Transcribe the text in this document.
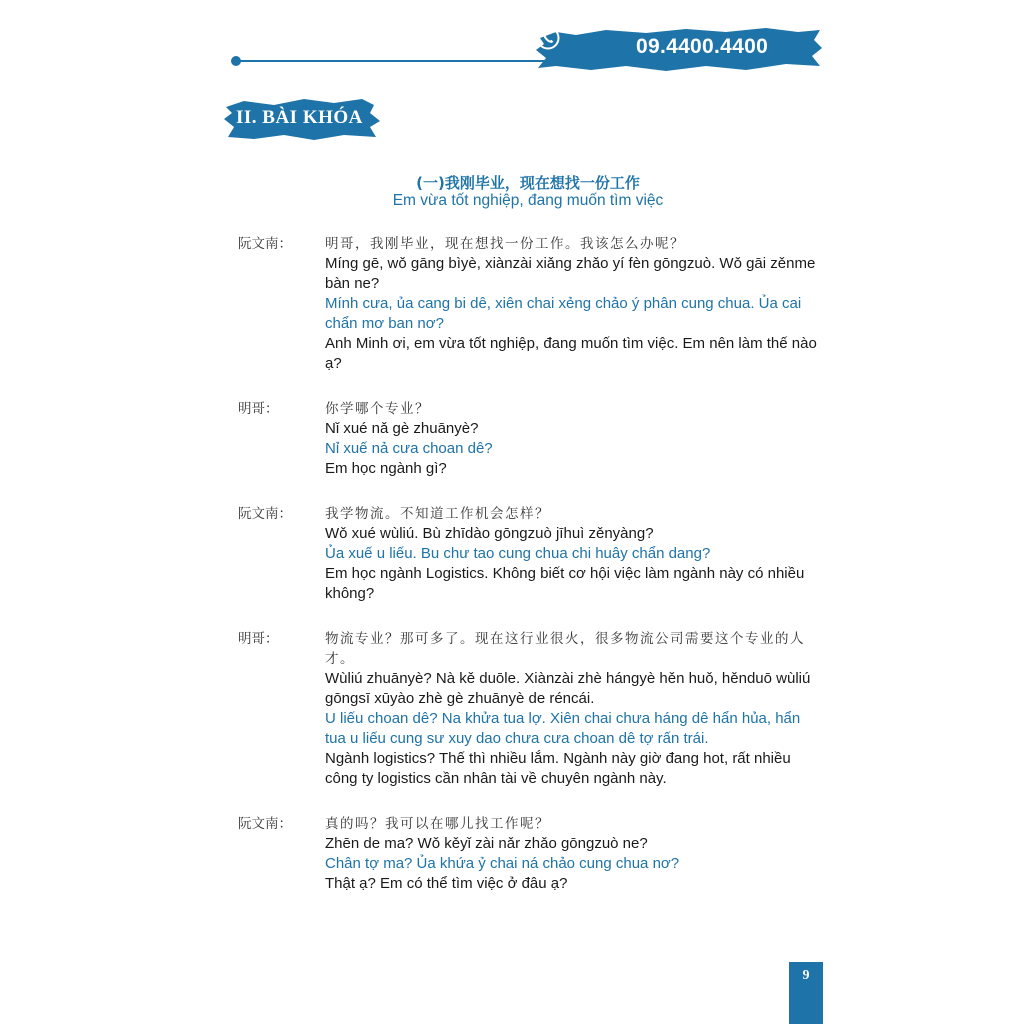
09.4400.4400
II. BÀI KHÓA
(一)我刚毕业，现在想找一份工作
Em vừa tốt nghiệp, đang muốn tìm việc
阮文南：	明哥，我刚毕业，现在想找一份工作。我该怎么办呢？
Míng gē, wǒ gāng bìyè, xiànzài xiǎng zhǎo yí fèn gōngzuò. Wǒ gāi zěnme bàn ne?
Mính cưa, ủa cang bi dê, xiên chai xẻng chảo ý phân cung chua. Ủa cai chẩn mơ ban nơ?
Anh Minh ơi, em vừa tốt nghiệp, đang muốn tìm việc. Em nên làm thế nào ạ?
明哥：	你学哪个专业？
Nǐ xué nǎ gè zhuānyè?
Nỉ xuế nả cưa choan dê?
Em học ngành gì?
阮文南：	我学物流。不知道工作机会怎样？
Wǒ xué wùliú. Bù zhīdào gōngzuò jīhuì zěnyàng?
Ủa xuế u liếu. Bu chư tao cung chua chi huây chẩn dang?
Em học ngành Logistics. Không biết cơ hội việc làm ngành này có nhiều không?
明哥：	物流专业？那可多了。现在这行业很火，很多物流公司需要这个专业的人才。
Wùliú zhuānyè? Nà kě duōle. Xiànzài zhè hángyè hěn huǒ, hěnduō wùliú gōngsī xūyào zhè gè zhuānyè de réncái.
U liếu choan dê? Na khửa tua lợ. Xiên chai chưa háng dê hẩn hủa, hẩn tua u liếu cung sư xuy dao chưa cưa choan dê tợ rấn trái.
Ngành logistics? Thế thì nhiều lắm. Ngành này giờ đang hot, rất nhiều công ty logistics cần nhân tài về chuyên ngành này.
阮文南：	真的吗？我可以在哪儿找工作呢？
Zhēn de ma? Wǒ kěyǐ zài nǎr zhǎo gōngzuò ne?
Chân tợ ma? Ủa khứa ỷ chai ná chảo cung chua nơ?
Thật ạ? Em có thể tìm việc ở đâu ạ?
9
